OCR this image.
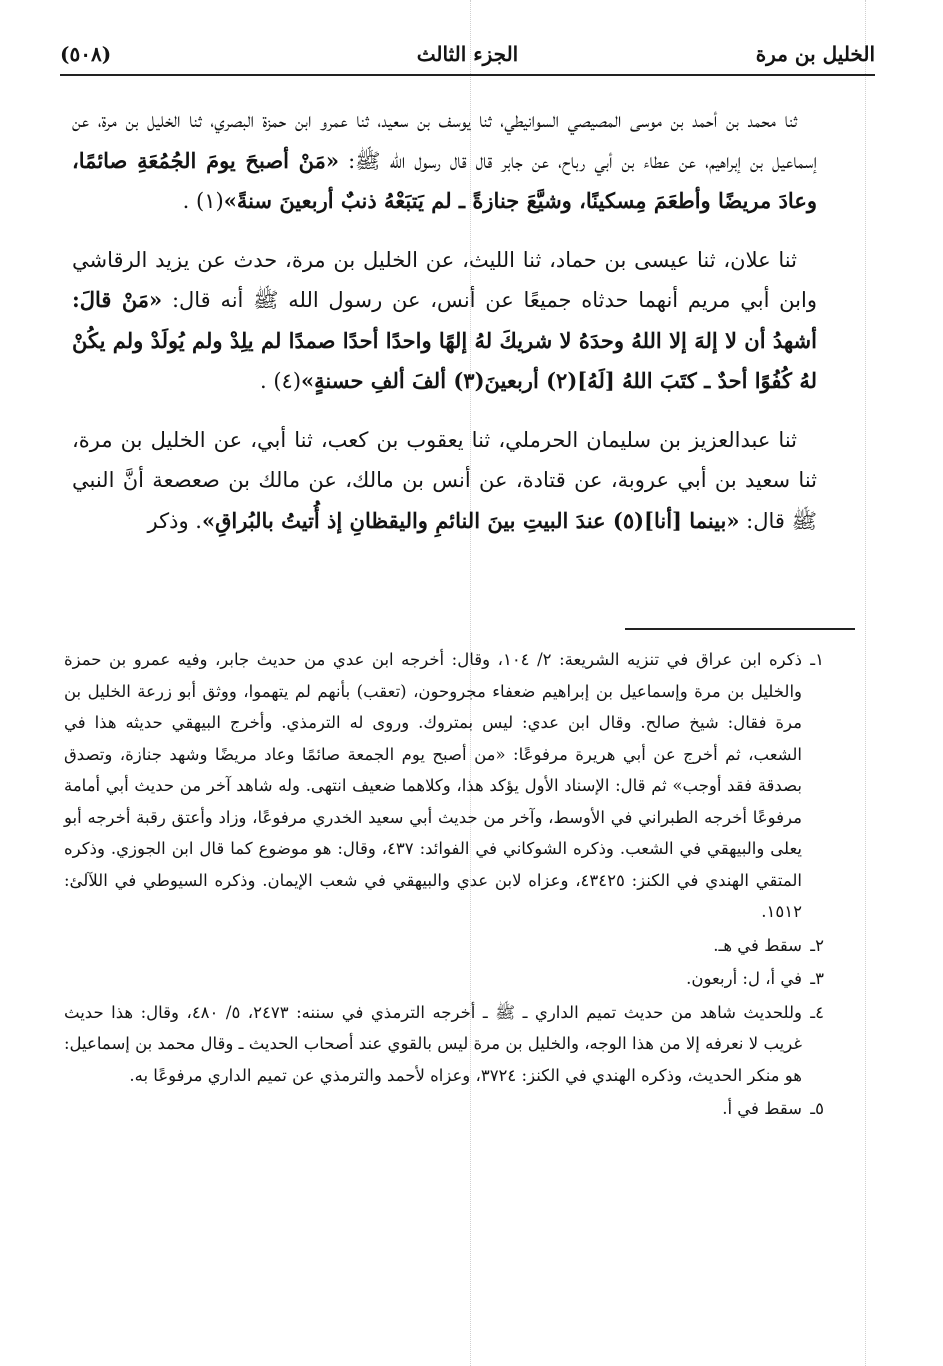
(٥٠٨)	الجزء الثالث	الخليل بن مرة

ثنا محمد بن أحمد بن موسى المصيصي السوانيطي، ثنا يوسف بن سعيد، ثنا عمرو ابن حمزة البصري، ثنا الخليل بن مرة، عن إسماعيل بن إبراهيم، عن عطاء بن أبي رباح، عن جابر قال قال رسول الله ﷺ: «مَنْ أصبحَ يومَ الجُمُعَةِ صائمًا، وعادَ مريضًا وأطعَمَ مِسكينًا، وشيَّعَ جنازةً ـ لم يَتبَعْهُ ذنبٌ أربعينَ سنةً»(١) .

ثنا علان، ثنا عيسى بن حماد، ثنا الليث، عن الخليل بن مرة، حدث عن يزيد الرقاشي وابن أبي مريم أنهما حدثاه جميعًا عن أنس، عن رسول الله ﷺ أنه قال: «مَنْ قالَ: أشهدُ أن لا إلهَ إلا اللهُ وحدَهُ لا شريكَ لهُ إلهًا واحدًا أحدًا صمدًا لم يلِدْ ولم يُولَدْ ولم يكُنْ لهُ كُفُوًا أحدٌ ـ كتَبَ اللهُ [لَهُ](٢) أربعينَ(٣) ألفَ ألفِ حسنةٍ»(٤) .

ثنا عبدالعزيز بن سليمان الحرملي، ثنا يعقوب بن كعب، ثنا أبي، عن الخليل بن مرة، ثنا سعيد بن أبي عروبة، عن قتادة، عن أنس بن مالك، عن مالك بن صعصعة أنَّ النبي ﷺ قال: «بينما [أنا](٥) عندَ البيتِ بينَ النائمِ واليقظانِ إذ أُتيتُ بالبُراقِ». وذكر

١ـ
ذكره ابن عراق في تنزيه الشريعة: ٢/ ١٠٤، وقال: أخرجه ابن عدي من حديث جابر، وفيه عمرو بن حمزة والخليل بن مرة وإسماعيل بن إبراهيم ضعفاء مجروحون، (تعقب) بأنهم لم يتهموا، ووثق أبو زرعة الخليل بن مرة فقال: شيخ صالح. وقال ابن عدي: ليس بمتروك. وروى له الترمذي. وأخرج البيهقي حديثه هذا في الشعب، ثم أخرج عن أبي هريرة مرفوعًا: «من أصبح يوم الجمعة صائمًا وعاد مريضًا وشهد جنازة، وتصدق بصدقة فقد أوجب» ثم قال: الإسناد الأول يؤكد هذا، وكلاهما ضعيف انتهى. وله شاهد آخر من حديث أبي أمامة مرفوعًا أخرجه الطبراني في الأوسط، وآخر من حديث أبي سعيد الخدري مرفوعًا، وزاد وأعتق رقبة أخرجه أبو يعلى والبيهقي في الشعب. وذكره الشوكاني في الفوائد: ٤٣٧، وقال: هو موضوع كما قال ابن الجوزي. وذكره المتقي الهندي في الكنز: ٤٣٤٢٥، وعزاه لابن عدي والبيهقي في شعب الإيمان. وذكره السيوطي في اللآلئ: ١٥١٢.
٢ـ
سقط في هـ.
٣ـ
في أ، ل: أربعون.
٤ـ
وللحديث شاهد من حديث تميم الداري ـ ﷺ ـ أخرجه الترمذي في سننه: ٢٤٧٣، ٥/ ٤٨٠، وقال: هذا حديث غريب لا نعرفه إلا من هذا الوجه، والخليل بن مرة ليس بالقوي عند أصحاب الحديث ـ وقال محمد بن إسماعيل: هو منكر الحديث، وذكره الهندي في الكنز: ٣٧٢٤، وعزاه لأحمد والترمذي عن تميم الداري مرفوعًا به.
٥ـ
سقط في أ.
